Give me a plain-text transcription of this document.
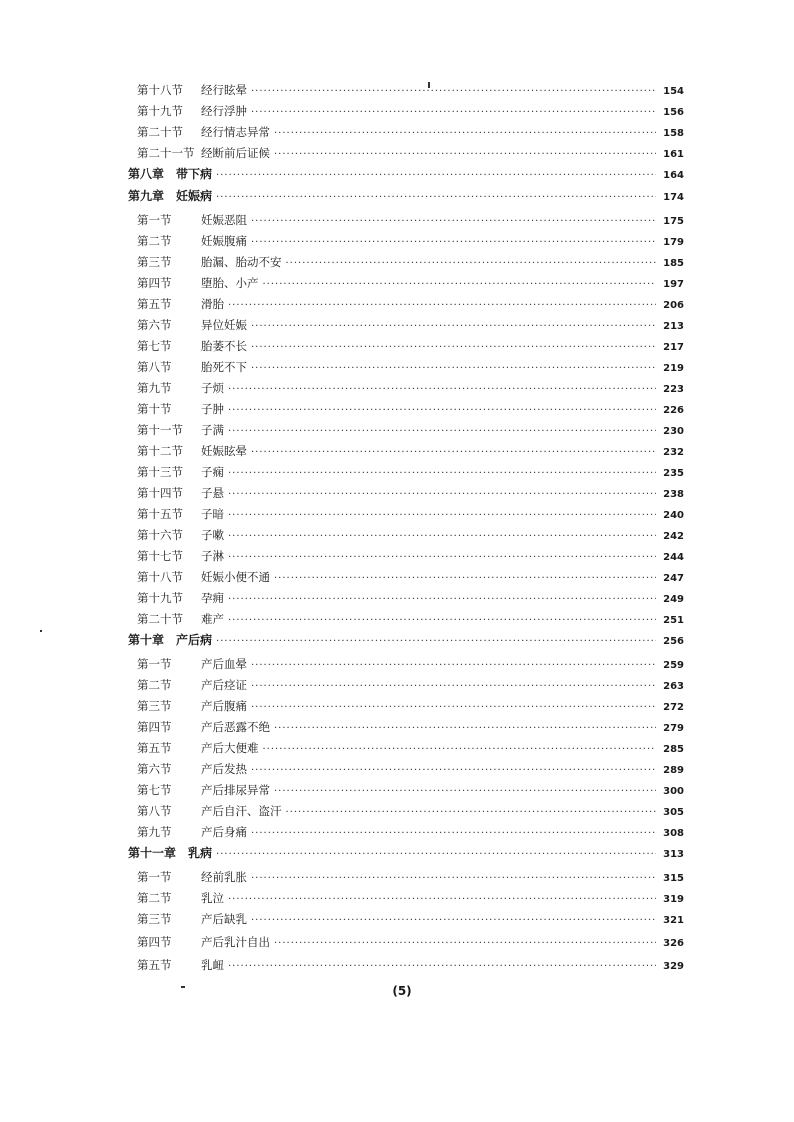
第十八节	经行眩晕 ·····	154
第十九节	经行浮肿 ·····	156
第二十节	经行情志异常 ·····	158
第二十一节 经断前后证候 ·····	161
第八章 带下病 ·····	164
第九章 妊娠病 ·····	174
第一节	妊娠恶阻 ·····	175
第二节	妊娠腹痛 ·····	179
第三节	胎漏、胎动不安 ·····	185
第四节	堕胎、小产 ·····	197
第五节	滑胎 ·····	206
第六节	异位妊娠 ·····	213
第七节	胎萎不长 ·····	217
第八节	胎死不下 ·····	219
第九节	子烦 ·····	223
第十节	子肿 ·····	226
第十一节	子满 ·····	230
第十二节	妊娠眩晕 ·····	232
第十三节	子痫 ·····	235
第十四节	子悬 ·····	238
第十五节	子暗 ·····	240
第十六节	子嗽 ·····	242
第十七节	子淋 ·····	244
第十八节	妊娠小便不通 ·····	247
第十九节	孕痈 ·····	249
第二十节	难产 ·····	251
第十章 产后病 ·····	256
第一节	产后血晕 ·····	259
第二节	产后痉证 ·····	263
第三节	产后腹痛 ·····	272
第四节	产后恶露不绝 ·····	279
第五节	产后大便难 ·····	285
第六节	产后发热 ·····	289
第七节	产后排尿异常 ·····	300
第八节	产后自汗、盗汗 ·····	305
第九节	产后身痛 ·····	308
第十一章 乳病 ·····	313
第一节	经前乳胀 ·····	315
第二节	乳泣 ·····	319
第三节	产后缺乳 ·····	321
第四节	产后乳汁自出 ·····	326
第五节	乳衄 ·····	329
(5)
